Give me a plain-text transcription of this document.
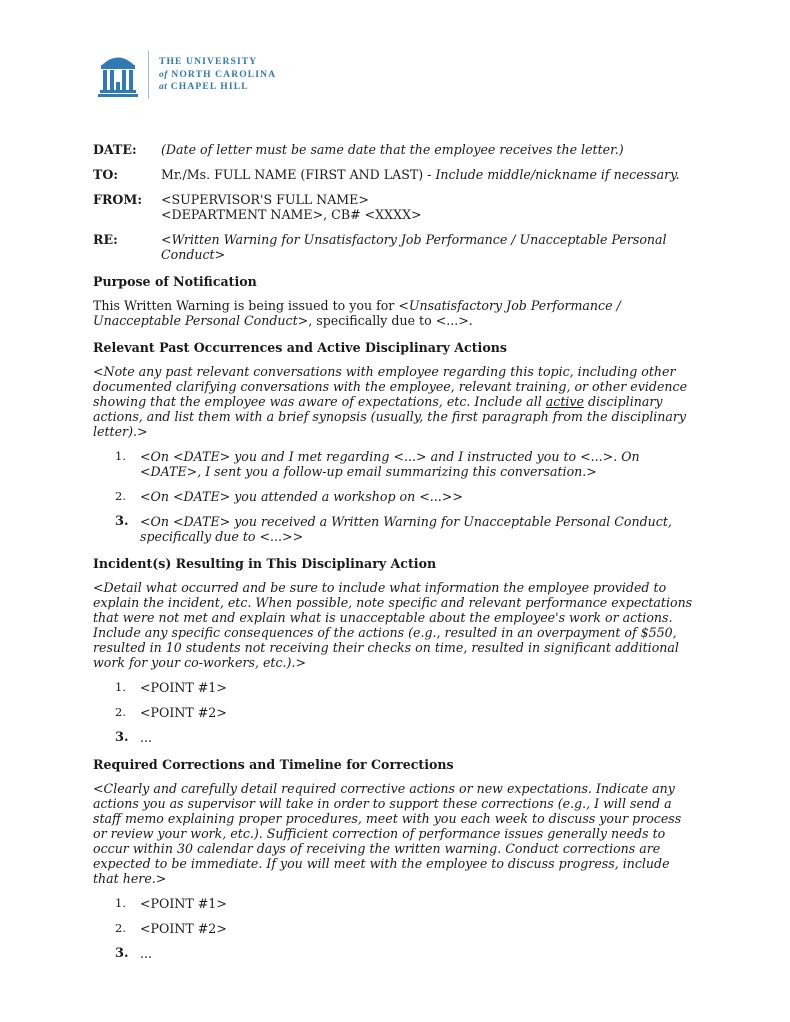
THE UNIVERSITY
of NORTH CAROLINA
at CHAPEL HILL
DATE:	(Date of letter must be same date that the employee receives the letter.)
TO:	Mr./Ms. FULL NAME (FIRST AND LAST) - Include middle/nickname if necessary.
FROM:	<SUPERVISOR'S FULL NAME>
<DEPARTMENT NAME>, CB# <XXXX>
RE:	<Written Warning for Unsatisfactory Job Performance / Unacceptable Personal Conduct>
Purpose of Notification

This Written Warning is being issued to you for <Unsatisfactory Job Performance / Unacceptable Personal Conduct>, specifically due to <...>.

Relevant Past Occurrences and Active Disciplinary Actions

<Note any past relevant conversations with employee regarding this topic, including other documented clarifying conversations with the employee, relevant training, or other evidence showing that the employee was aware of expectations, etc. Include all active disciplinary actions, and list them with a brief synopsis (usually, the first paragraph from the disciplinary letter).>

1.	<On <DATE> you and I met regarding <...> and I instructed you to <...>. On <DATE>, I sent you a follow-up email summarizing this conversation.>
2.	<On <DATE> you attended a workshop on <...>>
3. <On <DATE> you received a Written Warning for Unacceptable Personal Conduct, specifically due to <...>>
Incident(s) Resulting in This Disciplinary Action

<Detail what occurred and be sure to include what information the employee provided to explain the incident, etc. When possible, note specific and relevant performance expectations that were not met and explain what is unacceptable about the employee's work or actions. Include any specific consequences of the actions (e.g., resulted in an overpayment of $550, resulted in 10 students not receiving their checks on time, resulted in significant additional work for your co-workers, etc.).>

1.	<POINT #1>
2.	<POINT #2>
3. ...
Required Corrections and Timeline for Corrections

<Clearly and carefully detail required corrective actions or new expectations. Indicate any actions you as supervisor will take in order to support these corrections (e.g., I will send a staff memo explaining proper procedures, meet with you each week to discuss your process or review your work, etc.). Sufficient correction of performance issues generally needs to occur within 30 calendar days of receiving the written warning. Conduct corrections are expected to be immediate. If you will meet with the employee to discuss progress, include that here.>

1.	<POINT #1>
2.	<POINT #2>
3. ...
